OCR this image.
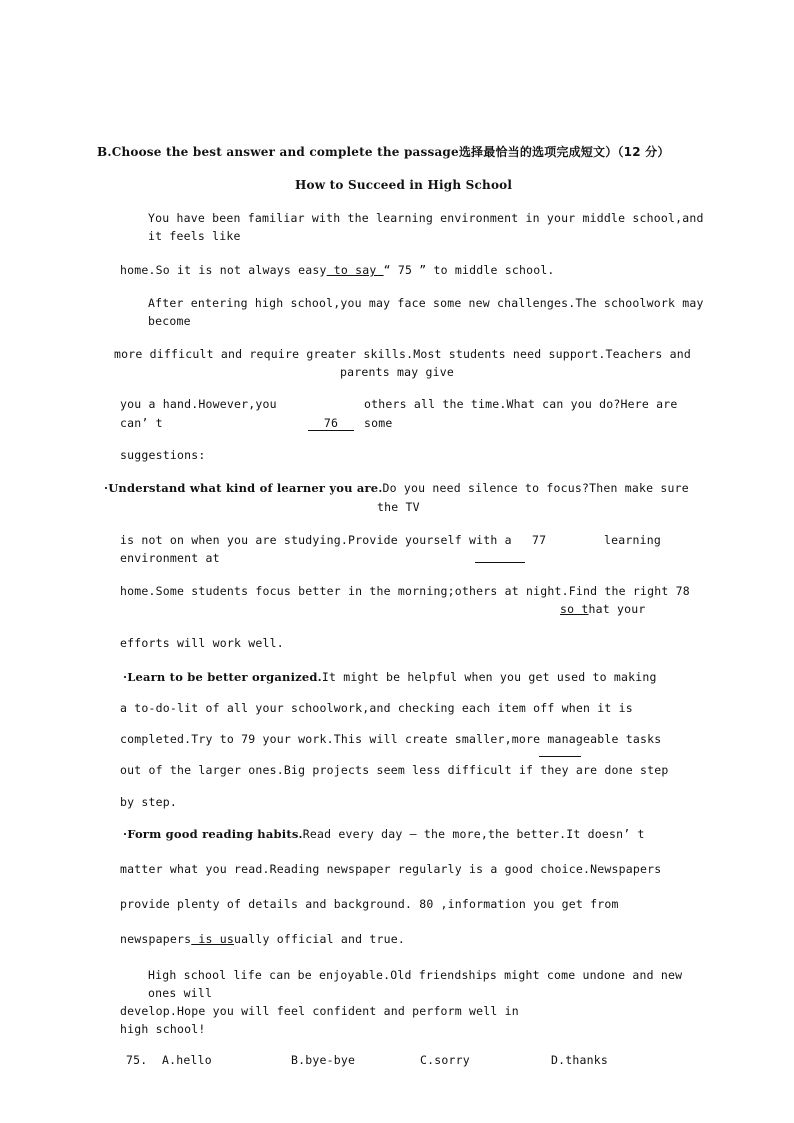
B.Choose the best answer and complete the passage选择最恰当的选项完成短文）（12 分）
How to Succeed in High School
You have been familiar with the learning environment in your middle school,and
it feels like
home.So it is not always easy to say “ 75 ” to middle school.
After entering high school,you may face some new challenges.The schoolwork may
become
more difficult and require greater skills.Most students need support.Teachers and
parents may give
you a hand.However,you	others all the time.What can you do?Here are
can’ t	76	some
suggestions:
·Understand what kind of learner you are.Do you need silence to focus?Then make sure
the TV
is not on when you are studying.Provide yourself with a 77	learning
environment at
home.Some students focus better in the morning;others at night.Find the right 78
so that your
efforts will work well.
·Learn to be better organized.It might be helpful when you get used to making
a to-do-lit of all your schoolwork,and checking each item off when it is
completed.Try to 79 your work.This will create smaller,more manageable tasks
out of the larger ones.Big projects seem less difficult if they are done step
by step.
·Form good reading habits.Read every day – the more,the better.It doesn’ t
matter what you read.Reading newspaper regularly is a good choice.Newspapers
provide plenty of details and background. 80 ,information you get from
newspapers is usually official and true.
High school life can be enjoyable.Old friendships might come undone and new
ones will
develop.Hope you will feel confident and perform well in
high school!
75. A.hello	B.bye-bye	C.sorry	D.thanks
